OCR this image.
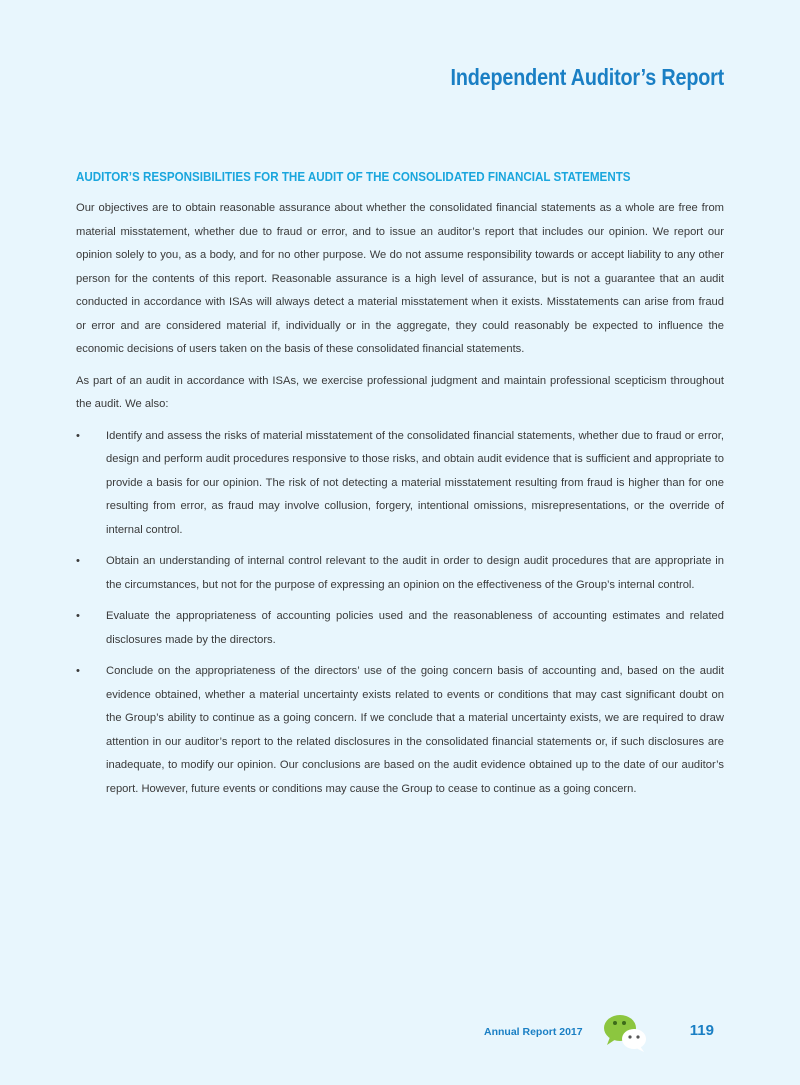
Independent Auditor’s Report
AUDITOR’S RESPONSIBILITIES FOR THE AUDIT OF THE CONSOLIDATED FINANCIAL STATEMENTS

Our objectives are to obtain reasonable assurance about whether the consolidated financial statements as a whole are free from material misstatement, whether due to fraud or error, and to issue an auditor’s report that includes our opinion. We report our opinion solely to you, as a body, and for no other purpose. We do not assume responsibility towards or accept liability to any other person for the contents of this report. Reasonable assurance is a high level of assurance, but is not a guarantee that an audit conducted in accordance with ISAs will always detect a material misstatement when it exists. Misstatements can arise from fraud or error and are considered material if, individually or in the aggregate, they could reasonably be expected to influence the economic decisions of users taken on the basis of these consolidated financial statements.

As part of an audit in accordance with ISAs, we exercise professional judgment and maintain professional scepticism throughout the audit. We also:

• Identify and assess the risks of material misstatement of the consolidated financial statements, whether due to fraud or error, design and perform audit procedures responsive to those risks, and obtain audit evidence that is sufficient and appropriate to provide a basis for our opinion. The risk of not detecting a material misstatement resulting from fraud is higher than for one resulting from error, as fraud may involve collusion, forgery, intentional omissions, misrepresentations, or the override of internal control.
• Obtain an understanding of internal control relevant to the audit in order to design audit procedures that are appropriate in the circumstances, but not for the purpose of expressing an opinion on the effectiveness of the Group’s internal control.
• Evaluate the appropriateness of accounting policies used and the reasonableness of accounting estimates and related disclosures made by the directors.
• Conclude on the appropriateness of the directors’ use of the going concern basis of accounting and, based on the audit evidence obtained, whether a material uncertainty exists related to events or conditions that may cast significant doubt on the Group’s ability to continue as a going concern. If we conclude that a material uncertainty exists, we are required to draw attention in our auditor’s report to the related disclosures in the consolidated financial statements or, if such disclosures are inadequate, to modify our opinion. Our conclusions are based on the audit evidence obtained up to the date of our auditor’s report. However, future events or conditions may cause the Group to cease to continue as a going concern.
Annual Report 2017	119
